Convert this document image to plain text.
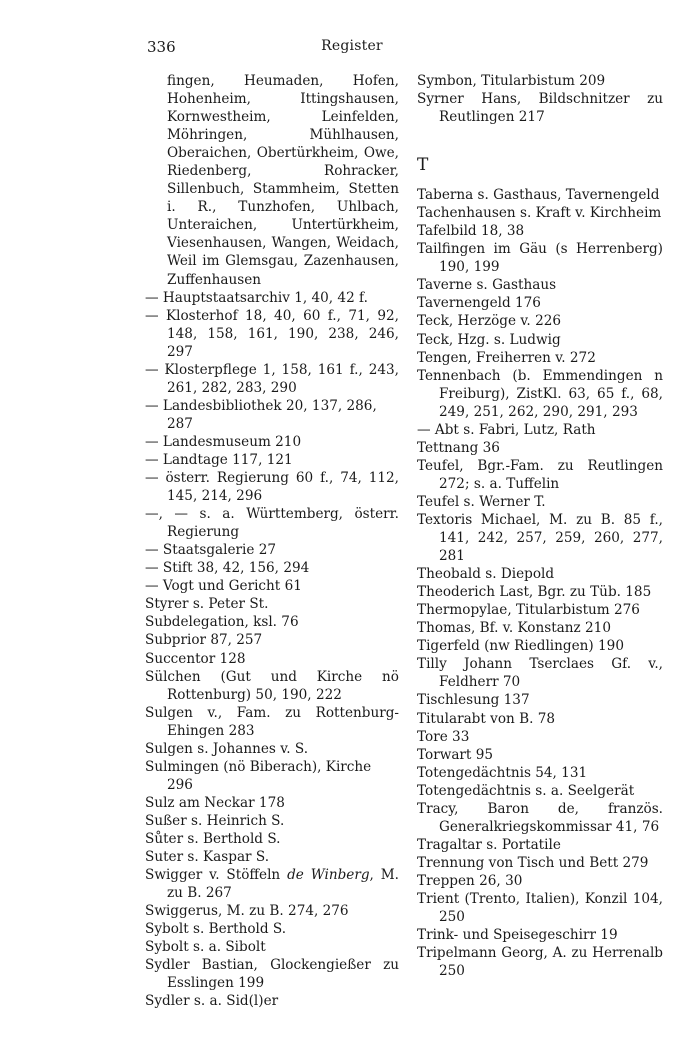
336	Register

fingen, Heumaden, Hofen, Hohenheim, Ittingshausen, Kornwestheim, Leinfelden, Möhringen, Mühlhausen, Oberaichen, Obertürkheim, Owe, Riedenberg, Rohracker, Sillenbuch, Stammheim, Stetten i. R., Tunzhofen, Uhlbach, Unteraichen, Untertürkheim, Viesenhausen, Wangen, Weidach, Weil im Glemsgau, Zazenhausen, Zuffenhausen

— Hauptstaatsarchiv 1, 40, 42 f.

— Klosterhof 18, 40, 60 f., 71, 92, 148, 158, 161, 190, 238, 246, 297

— Klosterpflege 1, 158, 161 f., 243, 261, 282, 283, 290

— Landesbibliothek 20, 137, 286, 287

— Landesmuseum 210

— Landtage 117, 121

— österr. Regierung 60 f., 74, 112, 145, 214, 296

—, — s. a. Württemberg, österr. Regierung

— Staatsgalerie 27

— Stift 38, 42, 156, 294

— Vogt und Gericht 61

Styrer s. Peter St.

Subdelegation, ksl. 76

Subprior 87, 257

Succentor 128

Sülchen (Gut und Kirche nö Rottenburg) 50, 190, 222

Sulgen v., Fam. zu Rottenburg-Ehingen 283

Sulgen s. Johannes v. S.

Sulmingen (nö Biberach), Kirche 296

Sulz am Neckar 178

Sußer s. Heinrich S.

Sůter s. Berthold S.

Suter s. Kaspar S.

Swigger v. Stöffeln de Winberg, M. zu B. 267

Swiggerus, M. zu B. 274, 276

Sybolt s. Berthold S.

Sybolt s. a. Sibolt

Sydler Bastian, Glockengießer zu Esslingen 199

Sydler s. a. Sid(l)er

Symbon, Titularbistum 209

Syrner Hans, Bildschnitzer zu Reutlingen 217

T

Taberna s. Gasthaus, Tavernengeld

Tachenhausen s. Kraft v. Kirchheim

Tafelbild 18, 38

Tailfingen im Gäu (s Herrenberg) 190, 199

Taverne s. Gasthaus

Tavernengeld 176

Teck, Herzöge v. 226

Teck, Hzg. s. Ludwig

Tengen, Freiherren v. 272

Tennenbach (b. Emmendingen n Freiburg), ZistKl. 63, 65 f., 68, 249, 251, 262, 290, 291, 293

— Abt s. Fabri, Lutz, Rath

Tettnang 36

Teufel, Bgr.-Fam. zu Reutlingen 272; s. a. Tuffelin

Teufel s. Werner T.

Textoris Michael, M. zu B. 85 f., 141, 242, 257, 259, 260, 277, 281

Theobald s. Diepold

Theoderich Last, Bgr. zu Tüb. 185

Thermopylae, Titularbistum 276

Thomas, Bf. v. Konstanz 210

Tigerfeld (nw Riedlingen) 190

Tilly Johann Tserclaes Gf. v., Feldherr 70

Tischlesung 137

Titularabt von B. 78

Tore 33

Torwart 95

Totengedächtnis 54, 131

Totengedächtnis s. a. Seelgerät

Tracy, Baron de, französ. Generalkriegskommissar 41, 76

Tragaltar s. Portatile

Trennung von Tisch und Bett 279

Treppen 26, 30

Trient (Trento, Italien), Konzil 104, 250

Trink- und Speisegeschirr 19

Tripelmann Georg, A. zu Herrenalb 250
